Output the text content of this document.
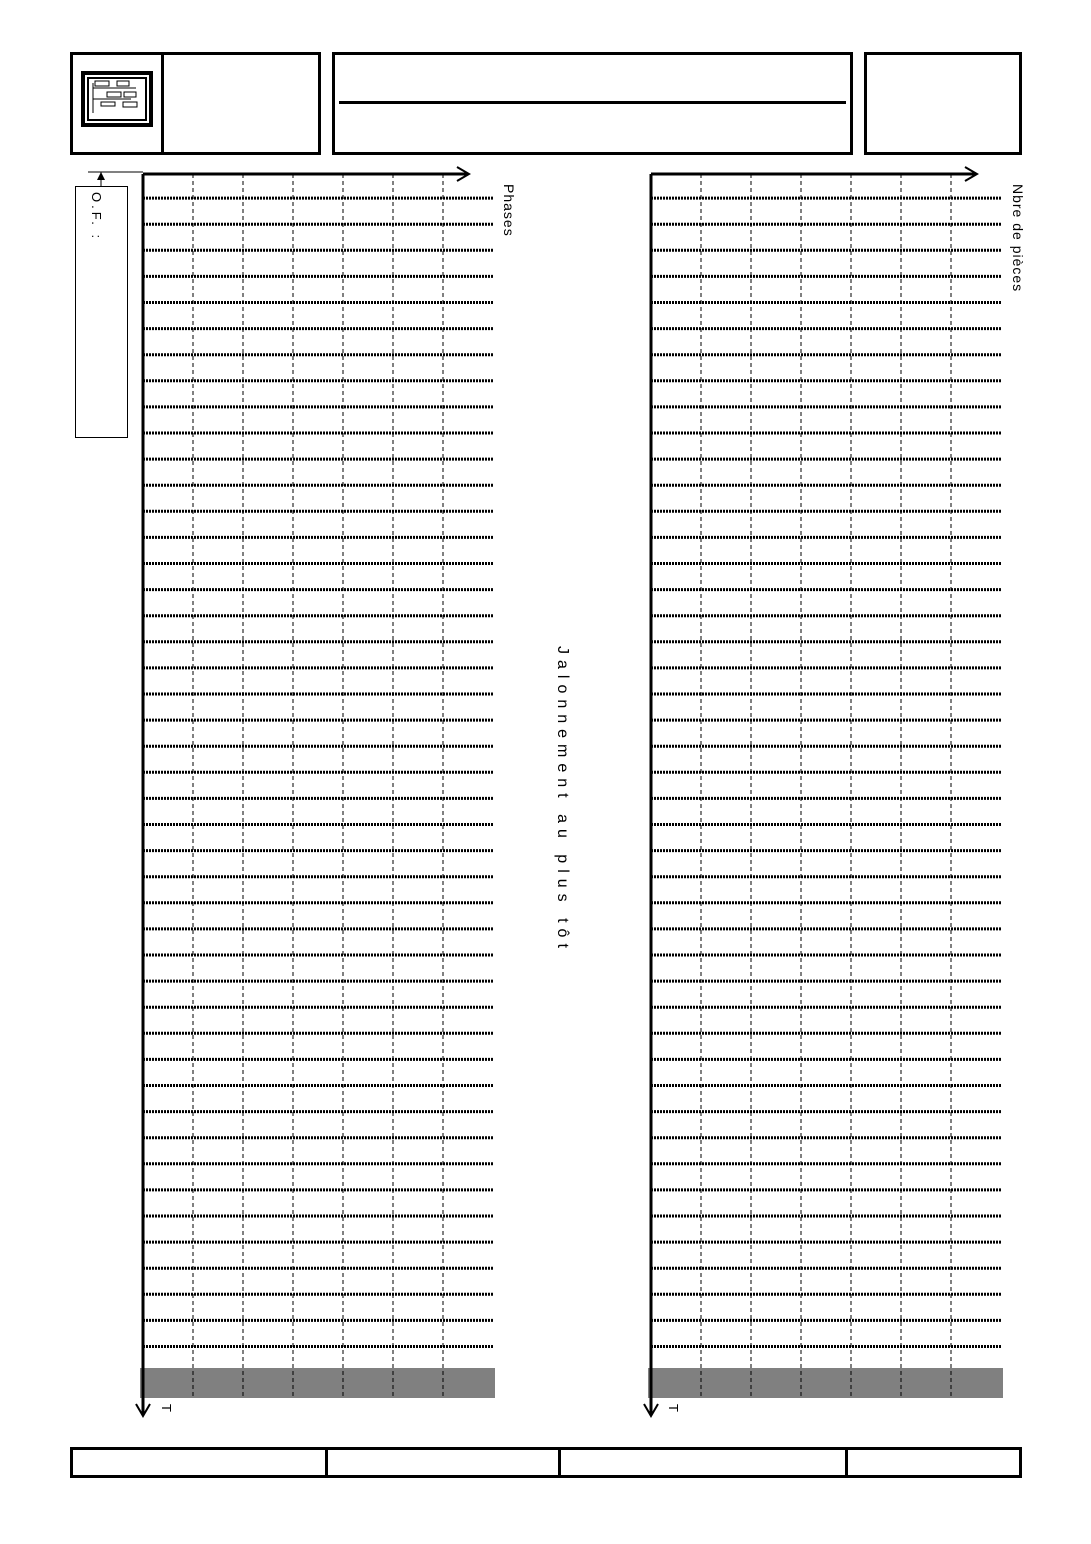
O.F. :	Phases	Nbre de pièces
Jalonnement au plus tôt
T	T
